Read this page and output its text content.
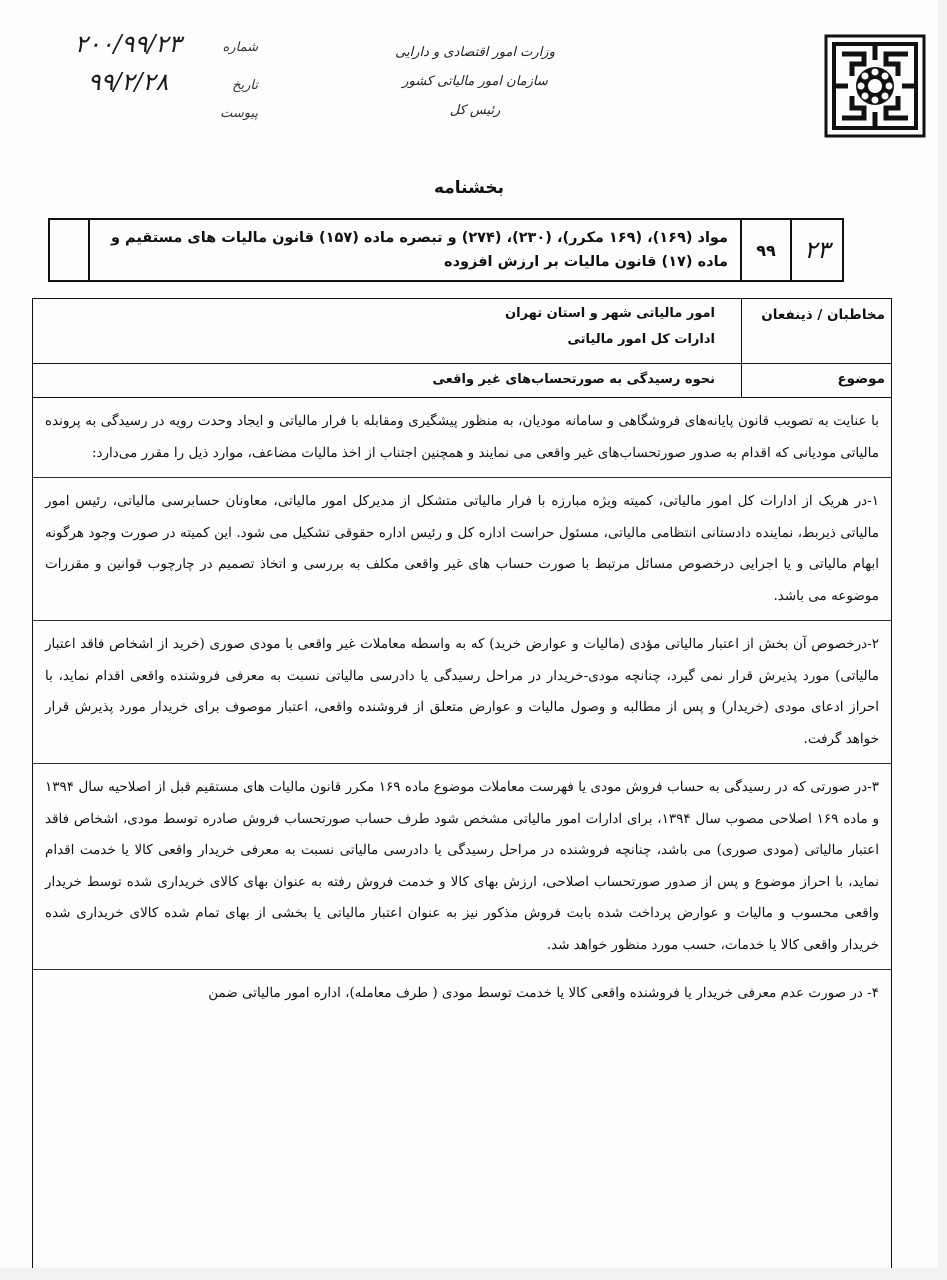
وزارت امور اقتصادی و دارایی
سازمان امور مالیاتی کشور
رئیس کل
شماره
۲۰۰/۹۹/۲۳
تاریخ
۹۹/۲/۲۸
پیوست
بخشنامه
۲۳
۹۹
مواد (۱۶۹)، (۱۶۹ مکرر)، (۲۳۰)، (۲۷۴) و تبصره ماده (۱۵۷) قانون مالیات های مستقیم و ماده (۱۷) قانون مالیات بر ارزش افزوده
مخاطبان / ذینفعان
موضوع
امور مالیاتی شهر و استان تهران
ادارات کل امور مالیاتی
نحوه رسیدگی به صورتحساب‌های غیر واقعی

با عنایت به تصویب قانون پایانه‌های فروشگاهی و سامانه مودیان، به منظور پیشگیری ومقابله با فرار مالیاتی و ایجاد وحدت رویه در رسیدگی به پرونده مالیاتی مودیانی که اقدام به صدور صورتحساب‌های غیر واقعی می نمایند و همچنین اجتناب از اخذ مالیات مضاعف، موارد ذیل را مقرر می‌دارد:

۱-در هریک از ادارات کل امور مالیاتی، کمیته ویژه مبارزه با فرار مالیاتی متشکل از مدیرکل امور مالیاتی، معاونان حسابرسی مالیاتی، رئیس امور مالیاتی ذیربط، نماینده دادستانی انتظامی مالیاتی، مسئول حراست اداره کل و رئیس اداره حقوقی تشکیل می شود. این کمیته در صورت وجود هرگونه ابهام مالیاتی و یا اجرایی درخصوص مسائل مرتبط با صورت حساب های غیر واقعی مکلف به بررسی و اتخاذ تصمیم در چارچوب قوانین و مقررات موضوعه می باشد.

۲-درخصوص آن بخش از اعتبار مالیاتی مؤدی (مالیات و عوارض خرید) که به واسطه معاملات غیر واقعی با مودی صوری (خرید از اشخاص فاقد اعتبار مالیاتی) مورد پذیرش قرار نمی گیرد، چنانچه مودی-خریدار در مراحل رسیدگی یا دادرسی مالیاتی نسبت به معرفی فروشنده واقعی اقدام نماید، با احراز ادعای مودی (خریدار) و پس از مطالبه و وصول مالیات و عوارض متعلق از فروشنده واقعی، اعتبار موصوف برای خریدار مورد پذیرش قرار خواهد گرفت.

۳-در صورتی که در رسیدگی به حساب فروش مودی یا فهرست معاملات موضوع ماده ۱۶۹ مکرر قانون مالیات های مستقیم قبل از اصلاحیه سال ۱۳۹۴ و ماده ۱۶۹ اصلاحی مصوب سال ۱۳۹۴، برای ادارات امور مالیاتی مشخص شود طرف حساب صورتحساب فروش صادره توسط مودی، اشخاص فاقد اعتبار مالیاتی (مودی صوری) می باشد، چنانچه فروشنده در مراحل رسیدگی یا دادرسی مالیاتی نسبت به معرفی خریدار واقعی کالا یا خدمت اقدام نماید، با احراز موضوع و پس از صدور صورتحساب اصلاحی، ارزش بهای کالا و خدمت فروش رفته به عنوان بهای کالای خریداری شده توسط خریدار واقعی محسوب و مالیات و عوارض پرداخت شده بابت فروش مذکور نیز به عنوان اعتبار مالیاتی یا بخشی از بهای تمام شده کالای خریداری شده خریدار واقعی کالا یا خدمات، حسب مورد منظور خواهد شد.

۴- در صورت عدم معرفی خریدار یا فروشنده واقعی کالا یا خدمت توسط مودی ( طرف معامله)، اداره امور مالیاتی ضمن
